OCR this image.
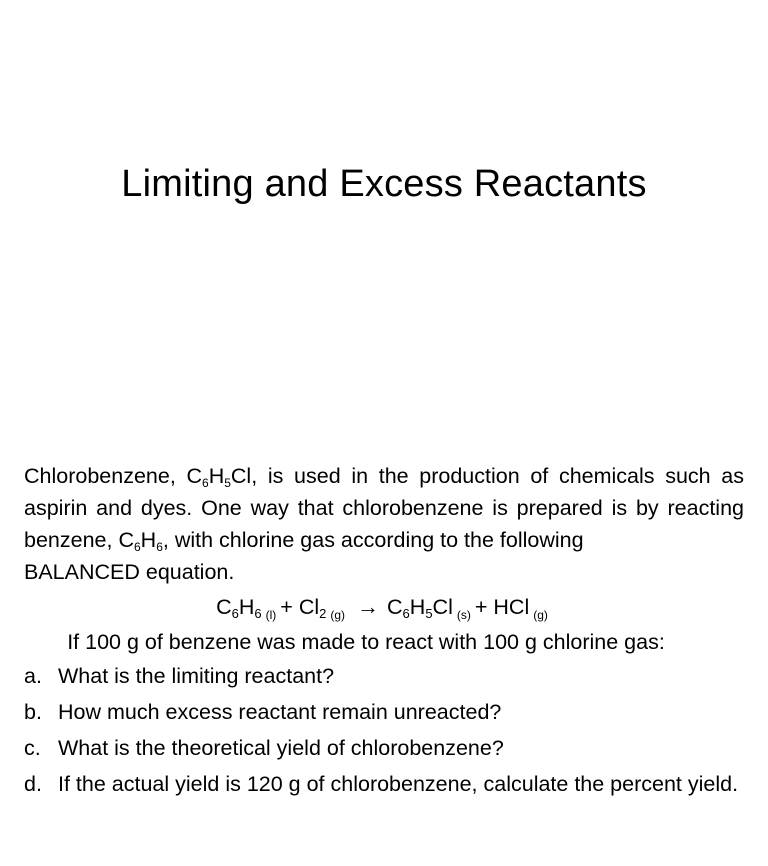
Limiting and Excess Reactants

Chlorobenzene, $C_6H_5Cl$, is used in the production of chemicals such as aspirin and dyes. One way that chlorobenzene is prepared is by reacting benzene, $C_6H_6$, with chlorine gas according to the following
BALANCED equation.

$C_6H_6$ $_{(l)} + Cl_2$ $_{(g)} \to C_6H_5Cl$ $_{(s)}$ + HCl $_{(g)}$
If 100 g of benzene was made to react with 100 g chlorine gas:
a. What is the limiting reactant?
b. How much excess reactant remain unreacted?
c. What is the theoretical yield of chlorobenzene?
d. If the actual yield is 120 g of chlorobenzene, calculate the percent yield.
